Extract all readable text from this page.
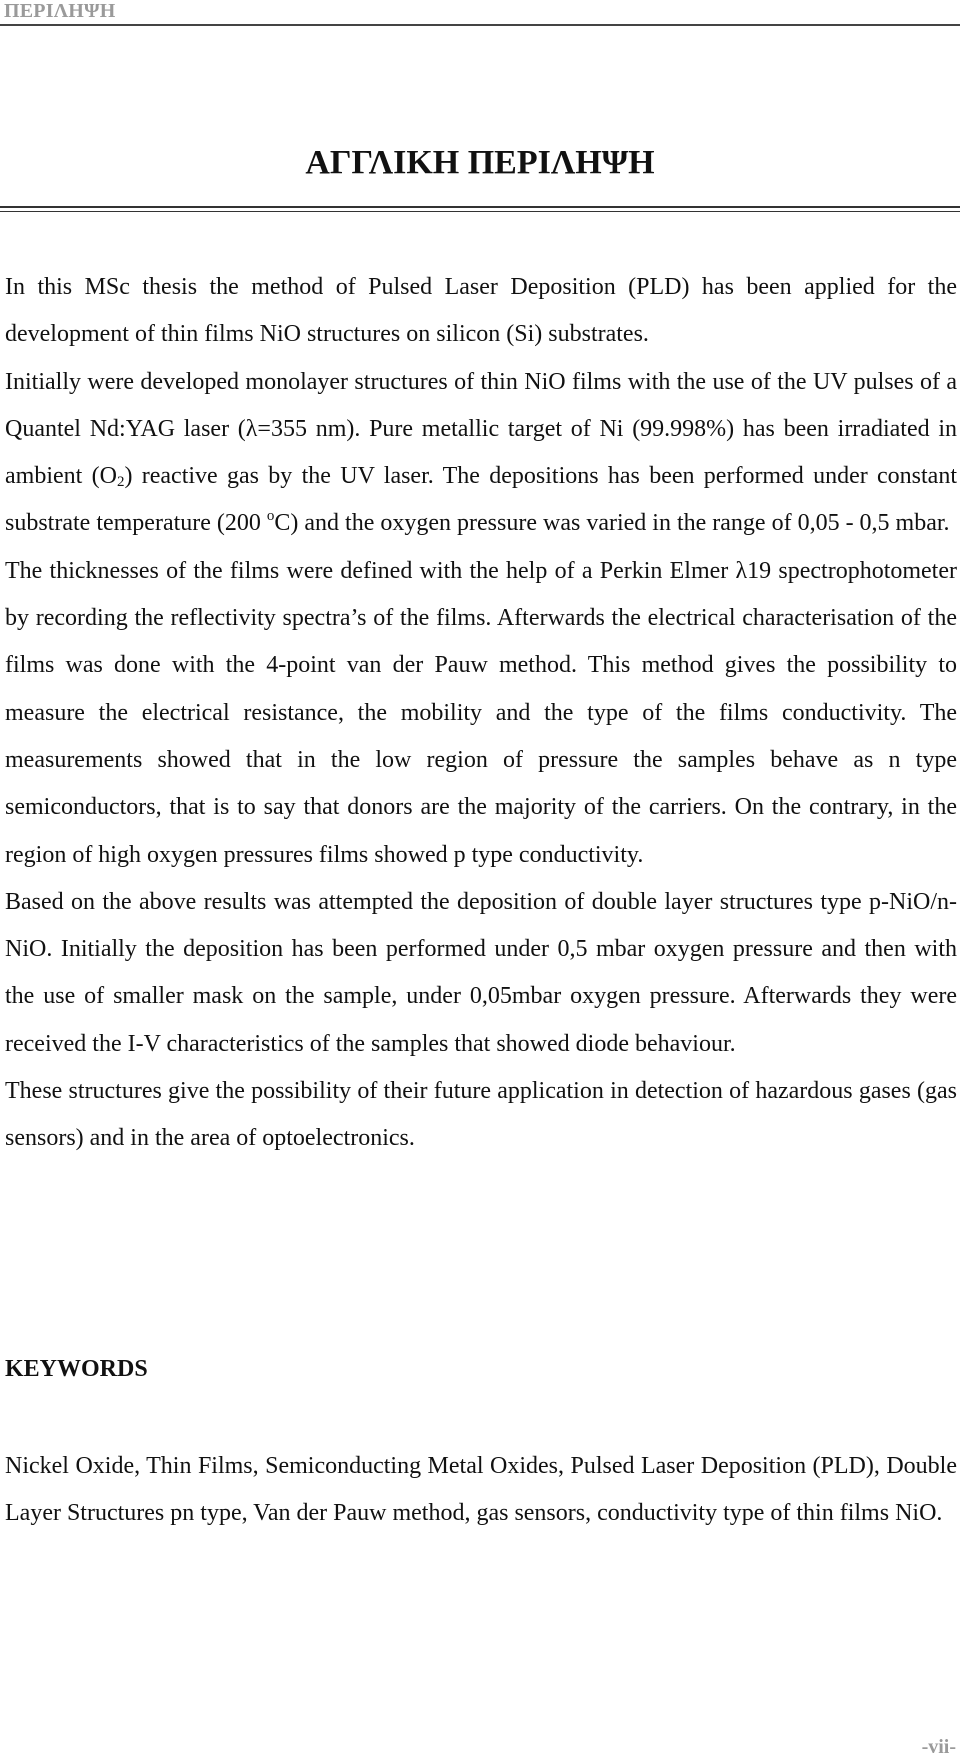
ΠΕΡΙΛΗΨΗ
ΑΓΓΛΙΚΗ ΠΕΡΙΛΗΨΗ

In this MSc thesis the method of Pulsed Laser Deposition (PLD) has been applied for the development of thin films NiO structures on silicon (Si) substrates.

Initially were developed monolayer structures of thin NiO films with the use of the UV pulses of a Quantel Nd:YAG laser (λ=355 nm). Pure metallic target of Ni (99.998%) has been irradiated in ambient $(O_2)$ reactive gas by the UV laser. The depositions has been performed under constant substrate temperature (200 $^o$C) and the oxygen pressure was varied in the range of 0,05 - 0,5 mbar.

The thicknesses of the films were defined with the help of a Perkin Elmer λ19 spectrophotometer by recording the reflectivity spectra’s of the films. Afterwards the electrical characterisation of the films was done with the 4-point van der Pauw method. This method gives the possibility to measure the electrical resistance, the mobility and the type of the films conductivity. The measurements showed that in the low region of pressure the samples behave as n type semiconductors, that is to say that donors are the majority of the carriers. On the contrary, in the region of high oxygen pressures films showed p type conductivity.

Based on the above results was attempted the deposition of double layer structures type p-NiO/n-NiO. Initially the deposition has been performed under 0,5 mbar oxygen pressure and then with the use of smaller mask on the sample, under 0,05mbar oxygen pressure. Afterwards they were received the I-V characteristics of the samples that showed diode behaviour.

These structures give the possibility of their future application in detection of hazardous gases (gas sensors) and in the area of optoelectronics.

KEYWORDS

Nickel Oxide, Thin Films, Semiconducting Metal Oxides, Pulsed Laser Deposition (PLD), Double Layer Structures pn type, Van der Pauw method, gas sensors, conductivity type of thin films NiO.

-vii-
